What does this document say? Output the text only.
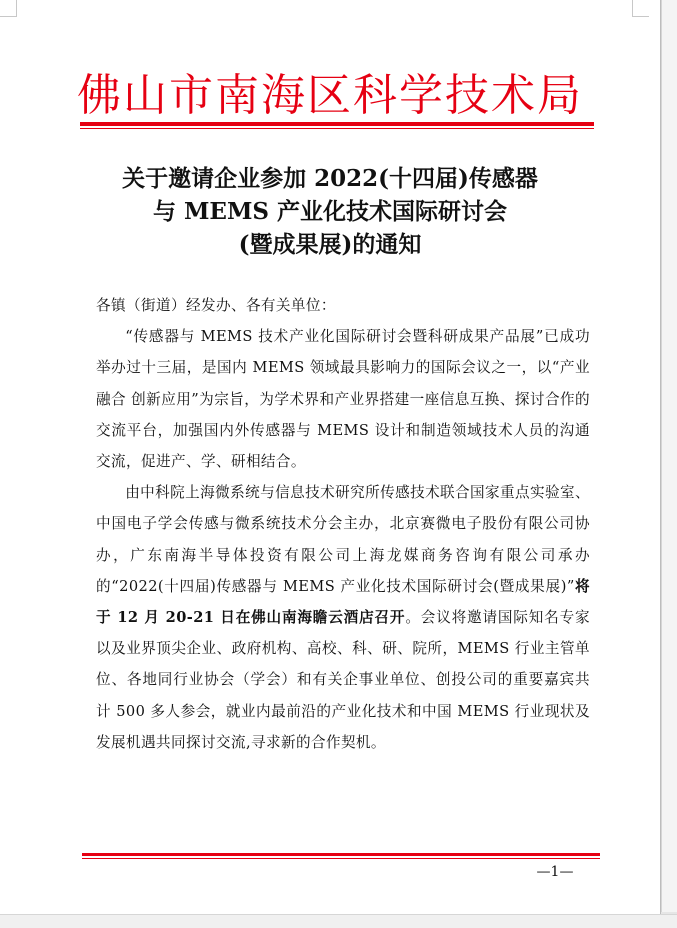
佛山市南海区科学技术局
关于邀请企业参加 2022(十四届)传感器
与 MEMS 产业化技术国际研讨会
(暨成果展)的通知

各镇（街道）经发办、各有关单位：

“传感器与 MEMS 技术产业化国际研讨会暨科研成果产品展”已成功举办过十三届，是国内 MEMS 领域最具影响力的国际会议之一，以“产业融合 创新应用”为宗旨，为学术界和产业界搭建一座信息互换、探讨合作的交流平台，加强国内外传感器与 MEMS 设计和制造领域技术人员的沟通交流，促进产、学、研相结合。

由中科院上海微系统与信息技术研究所传感技术联合国家重点实验室、中国电子学会传感与微系统技术分会主办，北京赛微电子股份有限公司协办，广东南海半导体投资有限公司上海龙媒商务咨询有限公司承办的“2022(十四届)传感器与 MEMS 产业化技术国际研讨会(暨成果展)”将于 12 月 20-21 日在佛山南海瞻云酒店召开。会议将邀请国际知名专家以及业界顶尖企业、政府机构、高校、科、研、院所，MEMS 行业主管单位、各地同行业协会（学会）和有关企事业单位、创投公司的重要嘉宾共计 500 多人参会，就业内最前沿的产业化技术和中国 MEMS 行业现状及发展机遇共同探讨交流,寻求新的合作契机。

—1—
